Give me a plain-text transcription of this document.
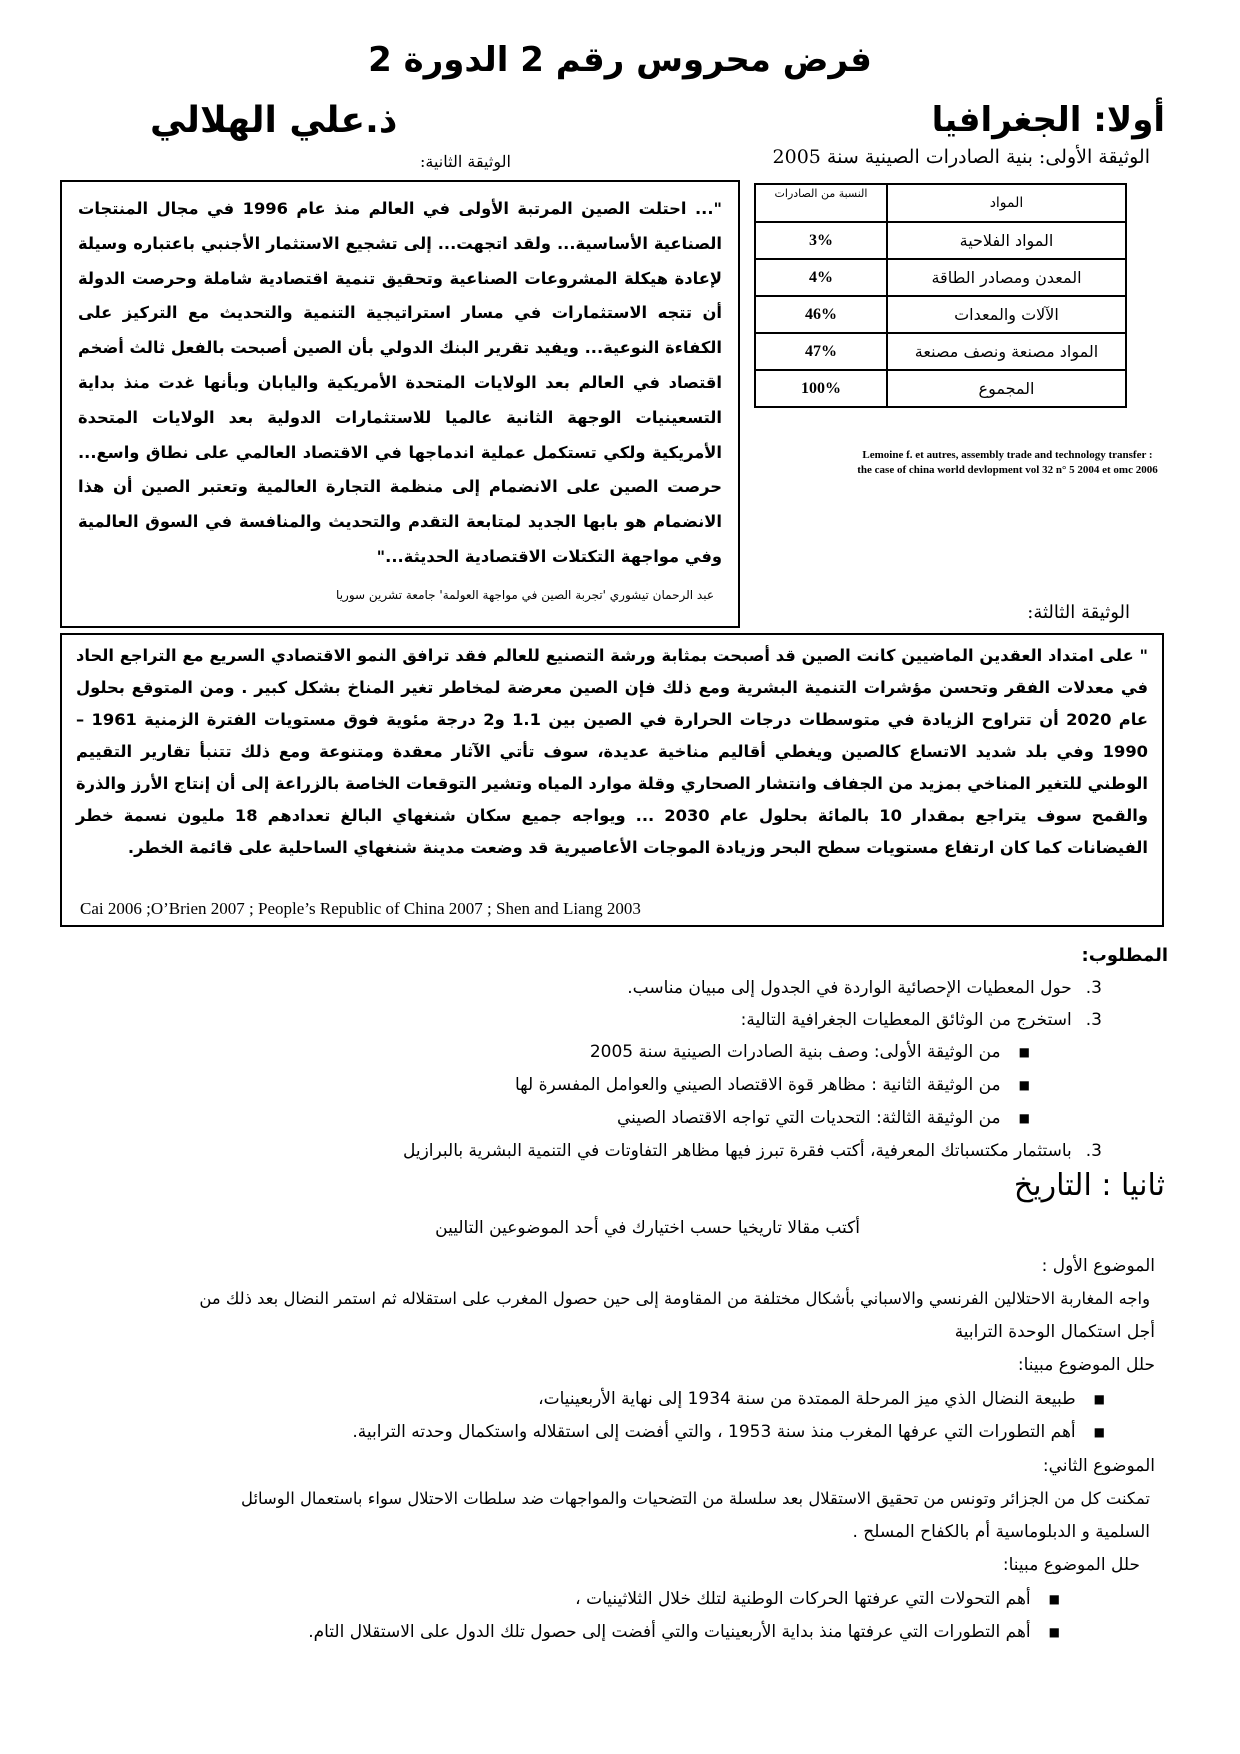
فرض محروس رقم 2 الدورة 2
ذ.علي الهلالي	أولا: الجغرافيا
الوثيقة الأولى: بنية الصادرات الصينية سنة 2005
الوثيقة الثانية:
"... احتلت الصين المرتبة الأولى في العالم منذ عام 1996 في مجال المنتجات الصناعية الأساسية... ولقد اتجهت... إلى تشجيع الاستثمار الأجنبي باعتباره وسيلة لإعادة هيكلة المشروعات الصناعية وتحقيق تنمية اقتصادية شاملة وحرصت الدولة أن تتجه الاستثمارات في مسار استراتيجية التنمية والتحديث مع التركيز على الكفاءة النوعية... ويفيد تقرير البنك الدولي بأن الصين أصبحت بالفعل ثالث أضخم اقتصاد في العالم بعد الولايات المتحدة الأمريكية واليابان وبأنها غدت منذ بداية التسعينيات الوجهة الثانية عالميا للاستثمارات الدولية بعد الولايات المتحدة الأمريكية ولكي تستكمل عملية اندماجها في الاقتصاد العالمي على نطاق واسع... حرصت الصين على الانضمام إلى منظمة التجارة العالمية وتعتبر الصين أن هذا الانضمام هو بابها الجديد لمتابعة التقدم والتحديث والمنافسة في السوق العالمية وفي مواجهة التكتلات الاقتصادية الحديثة..."
عبد الرحمان تيشوري 'تجربة الصين في مواجهة العولمة' جامعة تشرين سوريا
المواد	النسبة من الصادرات
المواد الفلاحية	3%
المعدن ومصادر الطاقة	4%
الآلات والمعدات	46%
المواد مصنعة ونصف مصنعة	47%
المجموع	100%
Lemoine f. et autres, assembly trade and technology transfer :
the case of china world devlopment vol 32 n° 5 2004 et omc 2006
الوثيقة الثالثة:
" على امتداد العقدين الماضيين كانت الصين قد أصبحت بمثابة ورشة التصنيع للعالم فقد ترافق النمو الاقتصادي السريع مع التراجع الحاد في معدلات الفقر وتحسن مؤشرات التنمية البشرية ومع ذلك فإن الصين معرضة لمخاطر تغير المناخ بشكل كبير . ومن المتوقع بحلول عام 2020 أن تتراوح الزيادة في متوسطات درجات الحرارة في الصين بين 1.1 و2 درجة مئوية فوق مستويات الفترة الزمنية 1961 – 1990 وفي بلد شديد الاتساع كالصين ويغطي أقاليم مناخية عديدة، سوف تأتي الآثار معقدة ومتنوعة ومع ذلك تتنبأ تقارير التقييم الوطني للتغير المناخي بمزيد من الجفاف وانتشار الصحاري وقلة موارد المياه وتشير التوقعات الخاصة بالزراعة إلى أن إنتاج الأرز والذرة والقمح سوف يتراجع بمقدار 10 بالمائة بحلول عام 2030 ... ويواجه جميع سكان شنغهاي البالغ تعدادهم 18 مليون نسمة خطر الفيضانات كما كان ارتفاع مستويات سطح البحر وزيادة الموجات الأعاصيرية قد وضعت مدينة شنغهاي الساحلية على قائمة الخطر.
Cai 2006 ;O’Brien 2007 ; People’s Republic of China 2007 ; Shen and Liang 2003
المطلوب:
3.حول المعطيات الإحصائية الواردة في الجدول إلى مبيان مناسب.
3.استخرج من الوثائق المعطيات الجغرافية التالية:
■من الوثيقة الأولى: وصف بنية الصادرات الصينية سنة 2005
■من الوثيقة الثانية : مظاهر قوة الاقتصاد الصيني والعوامل المفسرة لها
■من الوثيقة الثالثة: التحديات التي تواجه الاقتصاد الصيني
3.باستثمار مكتسباتك المعرفية، أكتب فقرة تبرز فيها مظاهر التفاوتات في التنمية البشرية بالبرازيل
ثانيا : التاريخ
أكتب مقالا تاريخيا حسب اختيارك في أحد الموضوعين التاليين
الموضوع الأول :
واجه المغاربة الاحتلالين الفرنسي والاسباني بأشكال مختلفة من المقاومة إلى حين حصول المغرب على استقلاله ثم استمر النضال بعد ذلك من
أجل استكمال الوحدة الترابية
حلل الموضوع مبينا:
■طبيعة النضال الذي ميز المرحلة الممتدة من سنة 1934 إلى نهاية الأربعينيات،
■أهم التطورات التي عرفها المغرب منذ سنة 1953 ، والتي أفضت إلى استقلاله واستكمال وحدته الترابية.
الموضوع الثاني:
تمكنت كل من الجزائر وتونس من تحقيق الاستقلال بعد سلسلة من التضحيات والمواجهات ضد سلطات الاحتلال سواء باستعمال الوسائل
السلمية و الدبلوماسية أم بالكفاح المسلح .
حلل الموضوع مبينا:
■أهم التحولات التي عرفتها الحركات الوطنية لتلك خلال الثلاثينيات ،
■أهم التطورات التي عرفتها منذ بداية الأربعينيات والتي أفضت إلى حصول تلك الدول على الاستقلال التام.
